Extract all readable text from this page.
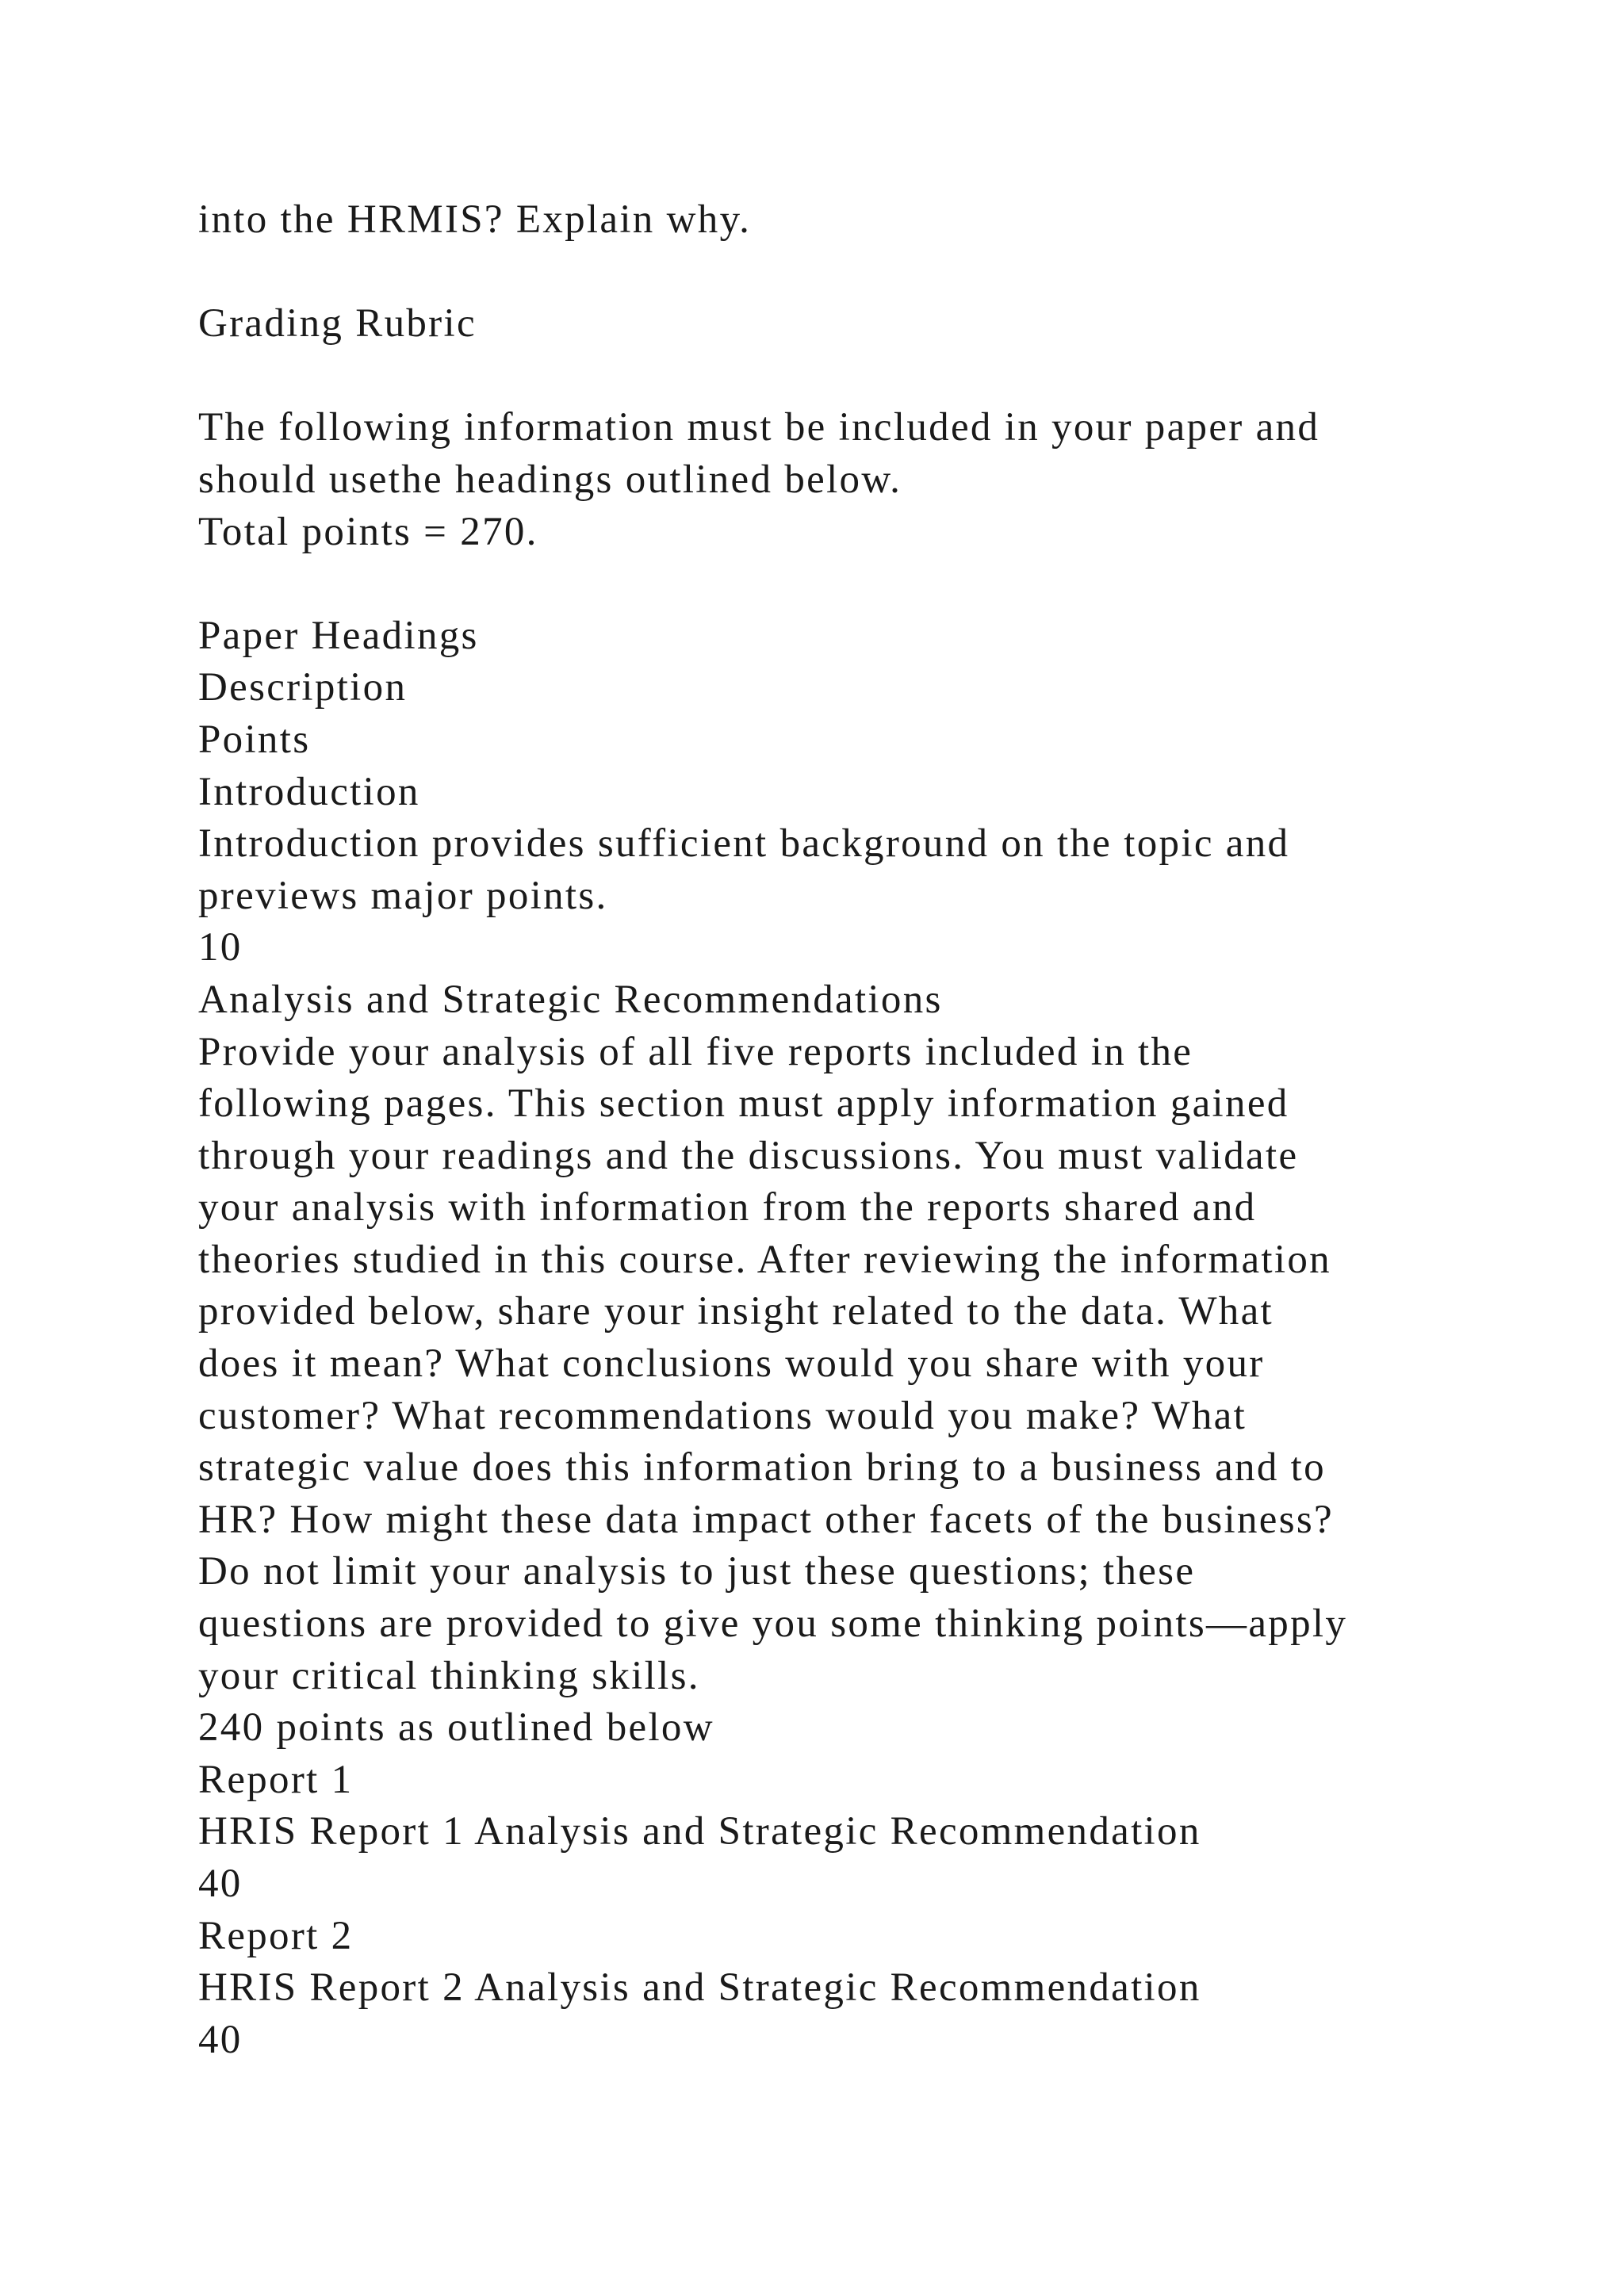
into the HRMIS? Explain why.
Grading Rubric
The following information must be included in your paper and
should usethe headings outlined below.
Total points = 270.
Paper Headings
Description
Points
Introduction
Introduction provides sufficient background on the topic and
previews major points.
10
Analysis and Strategic Recommendations
Provide your analysis of all five reports included in the
following pages. This section must apply information gained
through your readings and the discussions. You must validate
your analysis with information from the reports shared and
theories studied in this course. After reviewing the information
provided below, share your insight related to the data. What
does it mean? What conclusions would you share with your
customer? What recommendations would you make? What
strategic value does this information bring to a business and to
HR? How might these data impact other facets of the business?
Do not limit your analysis to just these questions; these
questions are provided to give you some thinking points—apply
your critical thinking skills.
240 points as outlined below
Report 1
HRIS Report 1 Analysis and Strategic Recommendation
40
Report 2
HRIS Report 2 Analysis and Strategic Recommendation
40
